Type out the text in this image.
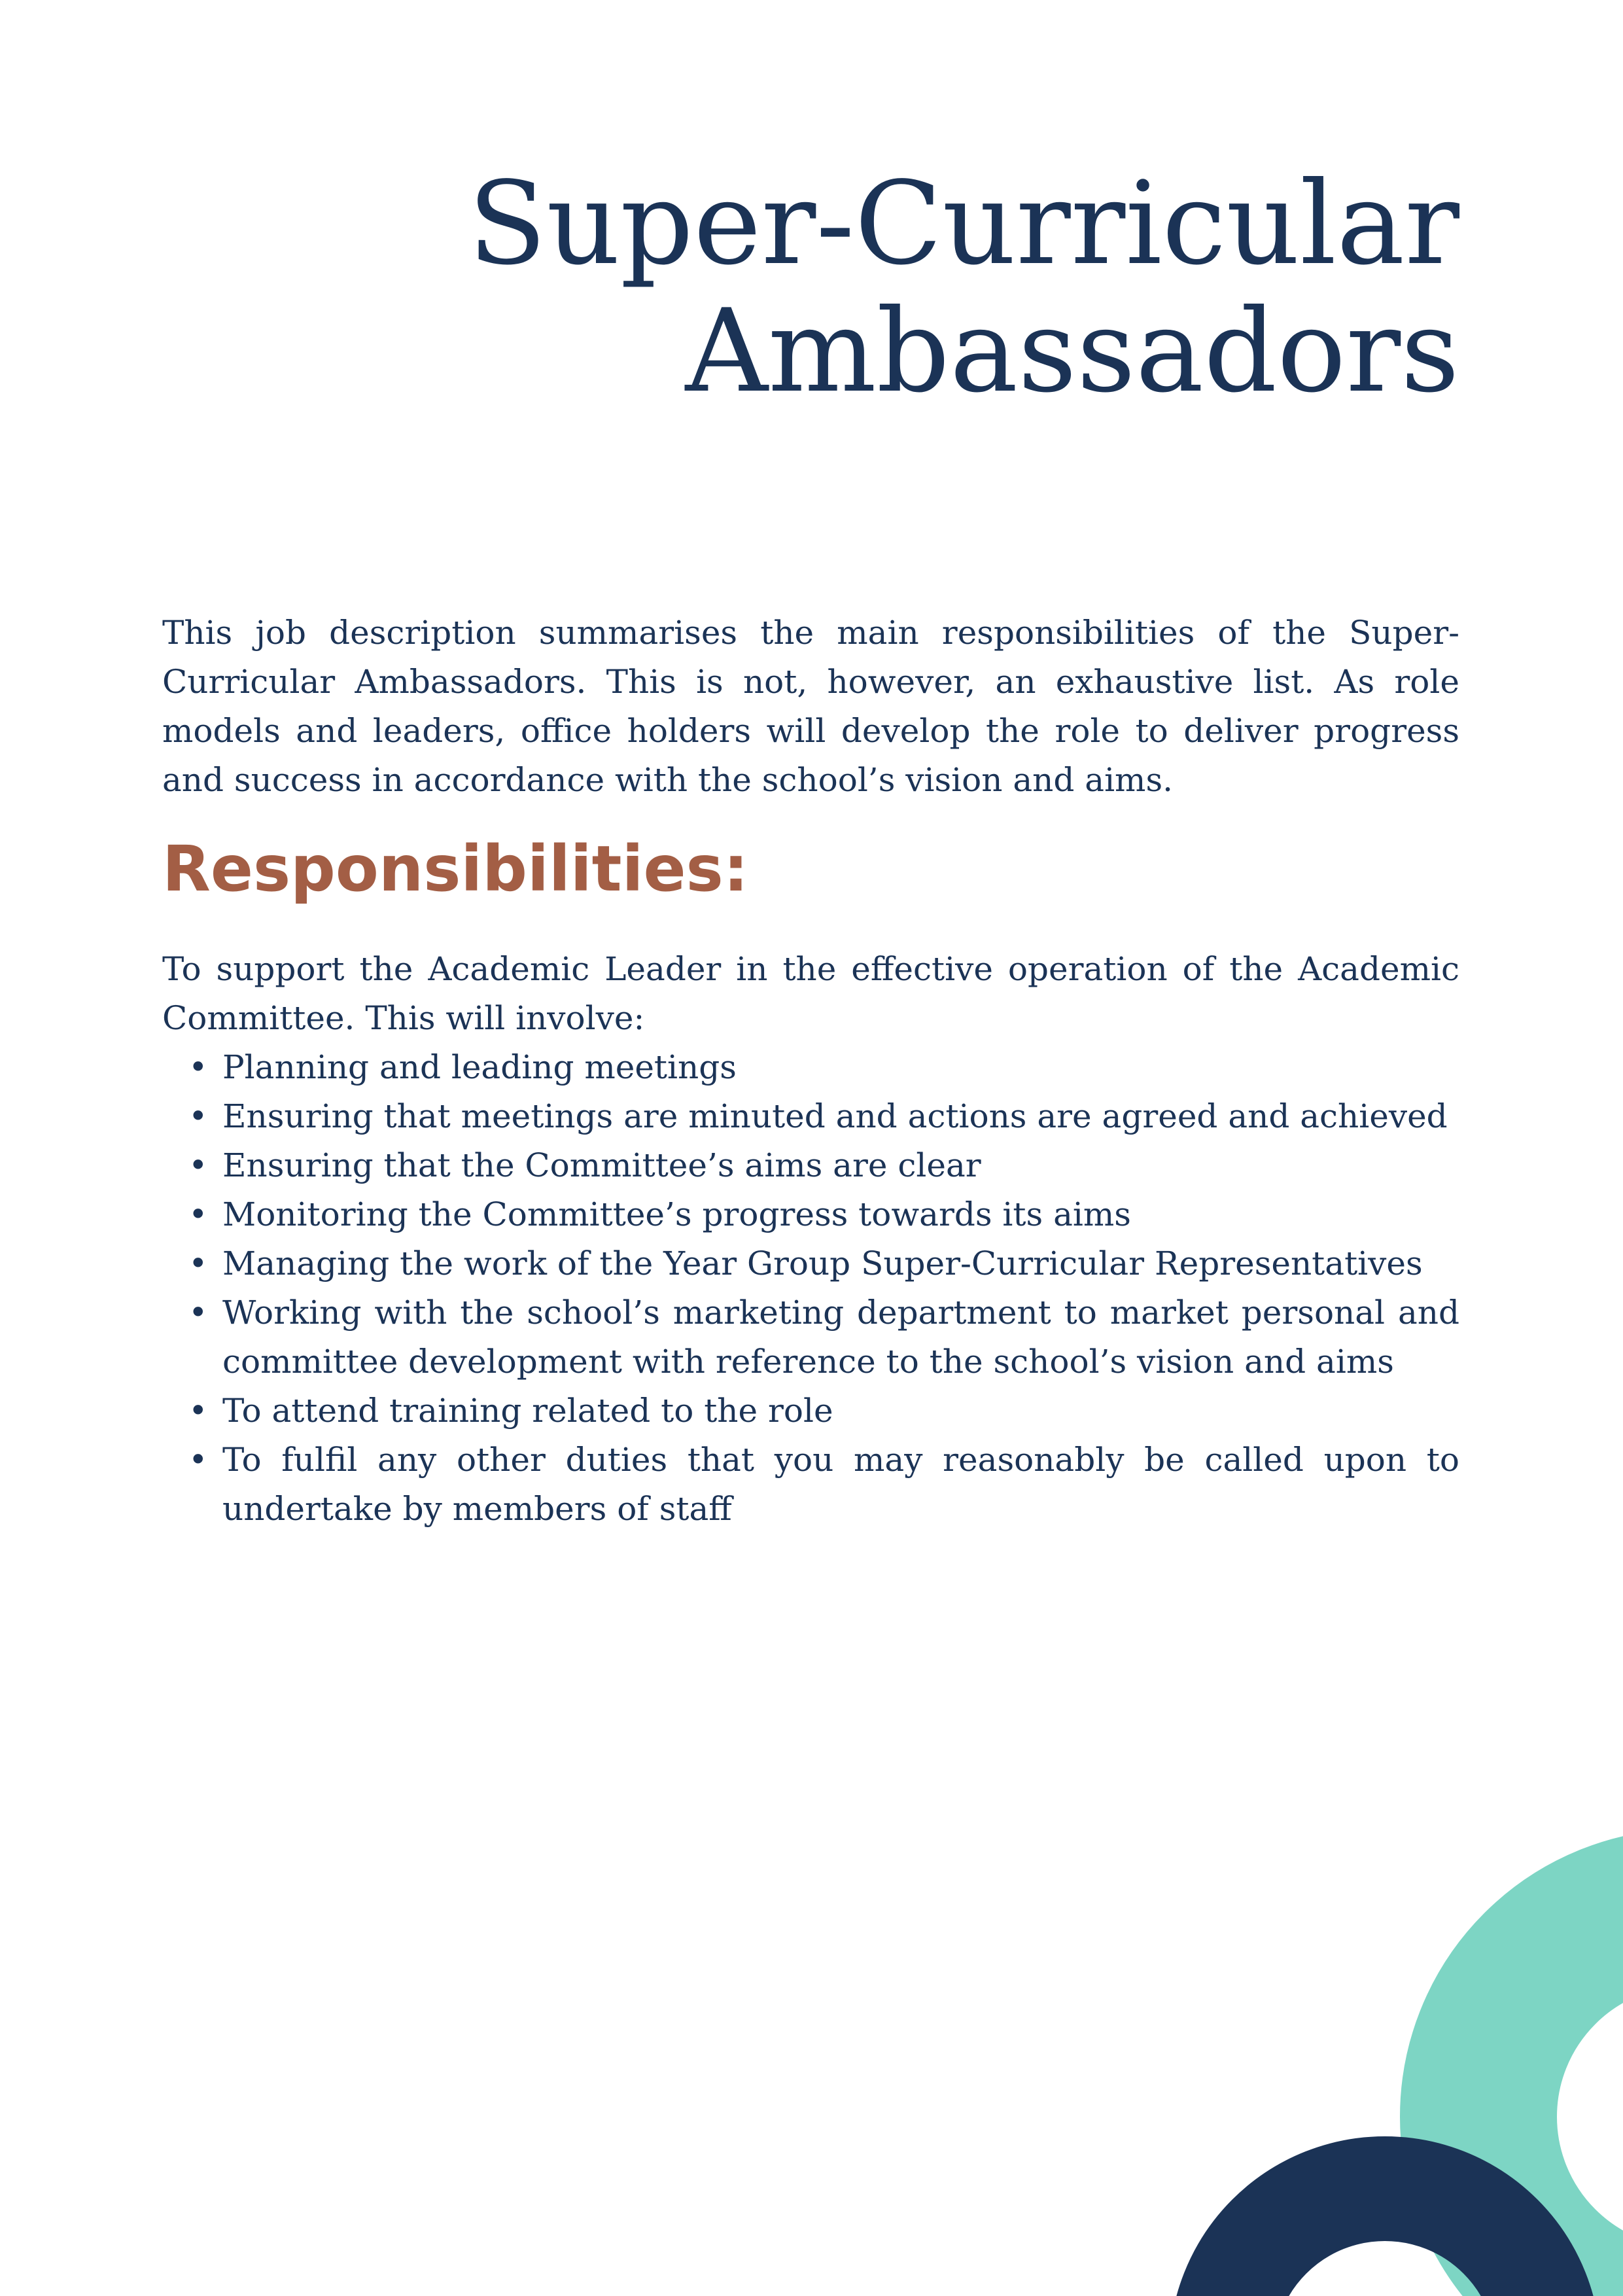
Super-Curricular
Ambassadors

This job description summarises the main responsibilities of the Super-Curricular Ambassadors. This is not, however, an exhaustive list. As role models and leaders, office holders will develop the role to deliver progress and success in accordance with the school’s vision and aims.

Responsibilities:

To support the Academic Leader in the effective operation of the Academic Committee. This will involve:

• Planning and leading meetings
• Ensuring that meetings are minuted and actions are agreed and achieved
• Ensuring that the Committee’s aims are clear
• Monitoring the Committee’s progress towards its aims
• Managing the work of the Year Group Super-Curricular Representatives
• Working with the school’s marketing department to market personal and committee development with reference to the school’s vision and aims
• To attend training related to the role
• To fulfil any other duties that you may reasonably be called upon to undertake by members of staff
